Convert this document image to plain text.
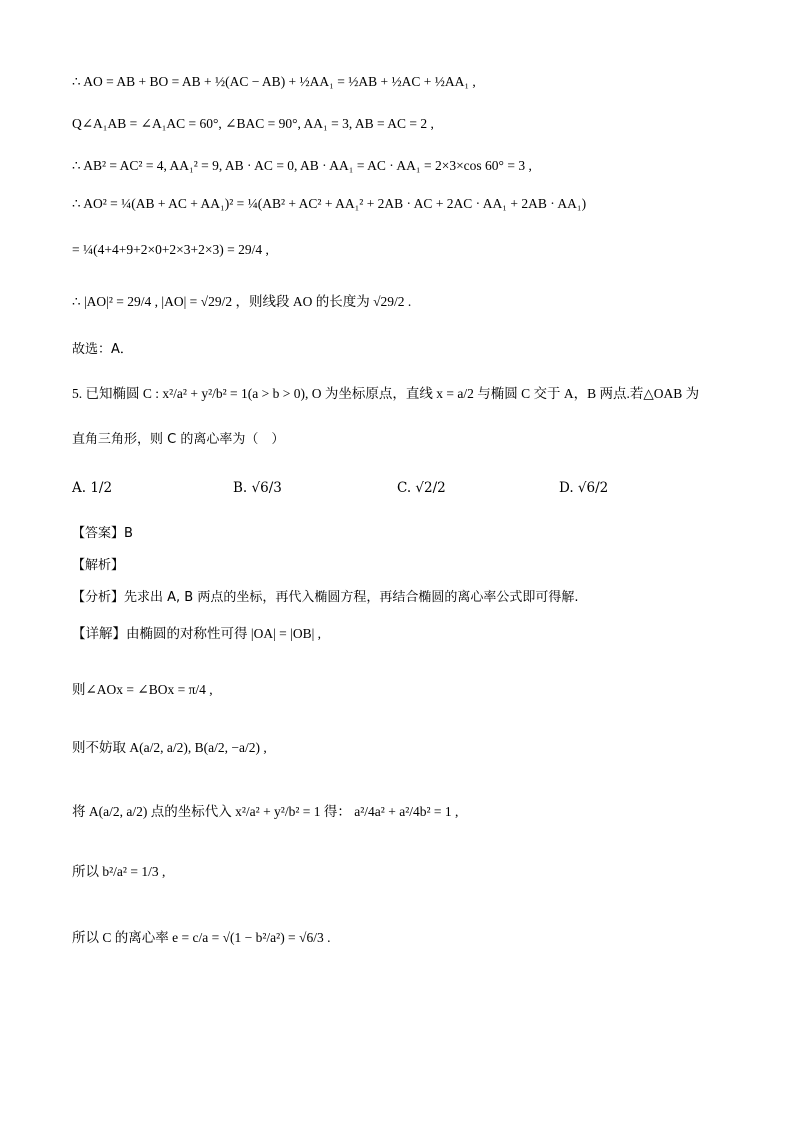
∴ AO = AB + BO = AB + ½(AC − AB) + ½AA₁ = ½AB + ½AC + ½AA₁ ,
Q∠A₁AB = ∠A₁AC = 60°, ∠BAC = 90°, AA₁ = 3, AB = AC = 2 ,
∴ AB² = AC² = 4, AA₁² = 9, AB · AC = 0, AB · AA₁ = AC · AA₁ = 2×3×cos 60° = 3 ,
∴ AO² = ¼(AB + AC + AA₁)² = ¼(AB² + AC² + AA₁² + 2AB · AC + 2AC · AA₁ + 2AB · AA₁)
= ¼(4+4+9+2×0+2×3+2×3) = 29/4 ,
∴ |AO|² = 29/4 , |AO| = √29/2 ，则线段 AO 的长度为 √29/2 .
故选：A．
5. 已知椭圆 C : x²/a² + y²/b² = 1(a > b > 0), O 为坐标原点，直线 x = a/2 与椭圆 C 交于 A，B 两点.若△OAB 为
直角三角形，则 C 的离心率为（　）
A. 1/2	B. √6/3	C. √2/2	D. √6/2
【答案】B
【解析】
【分析】先求出 A, B 两点的坐标，再代入椭圆方程，再结合椭圆的离心率公式即可得解.
【详解】由椭圆的对称性可得 |OA| = |OB| ,
则∠AOx = ∠BOx = π/4 ,
则不妨取 A(a/2, a/2), B(a/2, −a/2) ,
将 A(a/2, a/2) 点的坐标代入 x²/a² + y²/b² = 1 得： a²/4a² + a²/4b² = 1 ,
所以 b²/a² = 1/3 ,
所以 C 的离心率 e = c/a = √(1 − b²/a²) = √6/3 .
